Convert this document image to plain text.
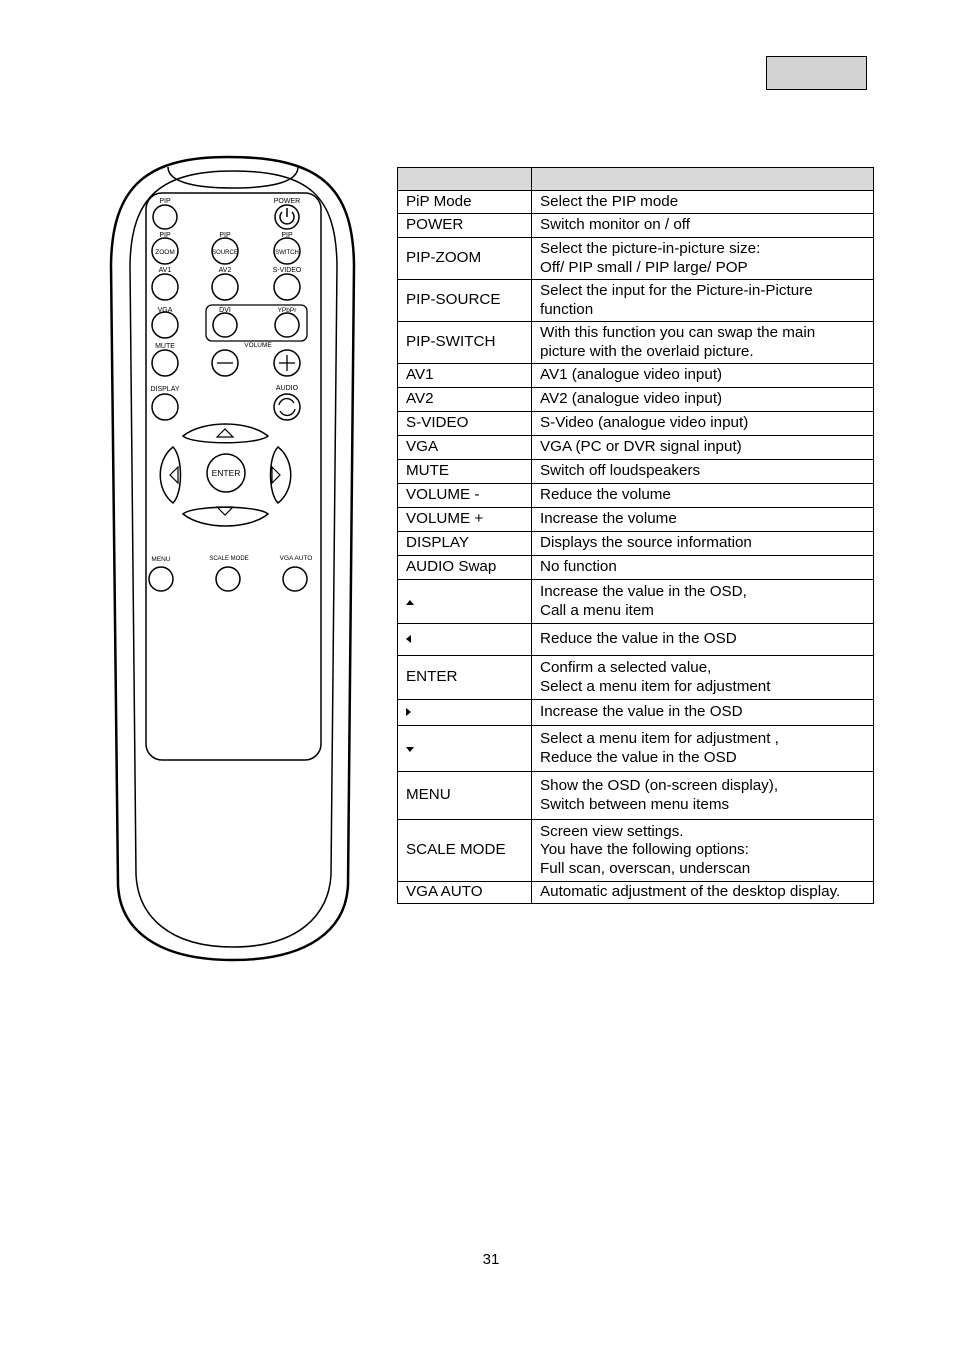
PIP	POWER
PIP	PIP	PIP
ZOOM	SOURCE	SWITCH
AV1	AV2	S-VIDEO
VGA	DVI	YPbPr
MUTE	VOLUME
DISPLAY	AUDIO
ENTER
MENU	SCALE MODE	VGA AUTO

PiP Mode	Select the PIP mode

POWER	Switch monitor on / off

PIP-ZOOM	Select the picture-in-picture size:
Off/ PIP small / PIP large/ POP

PIP-SOURCE	Select the input for the Picture-in-Picture
function

PIP-SWITCH	With this function you can swap the main
picture with the overlaid picture.

AV1	AV1 (analogue video input)

AV2	AV2 (analogue video input)

S-VIDEO	S-Video (analogue video input)

VGA	VGA (PC or DVR signal input)

MUTE	Switch off loudspeakers

VOLUME -	Reduce the volume

VOLUME +	Increase the volume

DISPLAY	Displays the source information

AUDIO Swap	No function

	Increase the value in the OSD,
Call a menu item

	Reduce the value in the OSD

ENTER	Confirm a selected value,
Select a menu item for adjustment

	Increase the value in the OSD

	Select a menu item for adjustment ,
Reduce the value in the OSD

MENU	Show the OSD (on-screen display),
Switch between menu items

SCALE MODE	Screen view settings.
You have the following options:
Full scan, overscan, underscan

VGA AUTO	Automatic adjustment of the desktop display.
31
